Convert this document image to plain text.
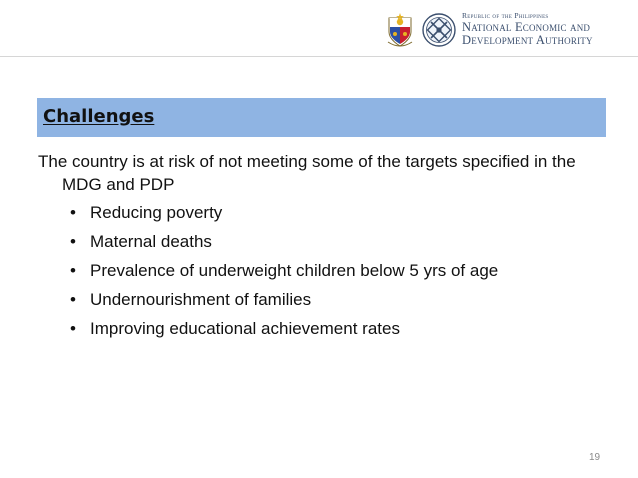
Republic of the Philippines
National Economic and
Development Authority
Challenges

The country is at risk of not meeting some of the targets specified in the MDG and PDP

• Reducing poverty
• Maternal deaths
• Prevalence of underweight children below 5 yrs of age
• Undernourishment of families
• Improving educational achievement rates
19
